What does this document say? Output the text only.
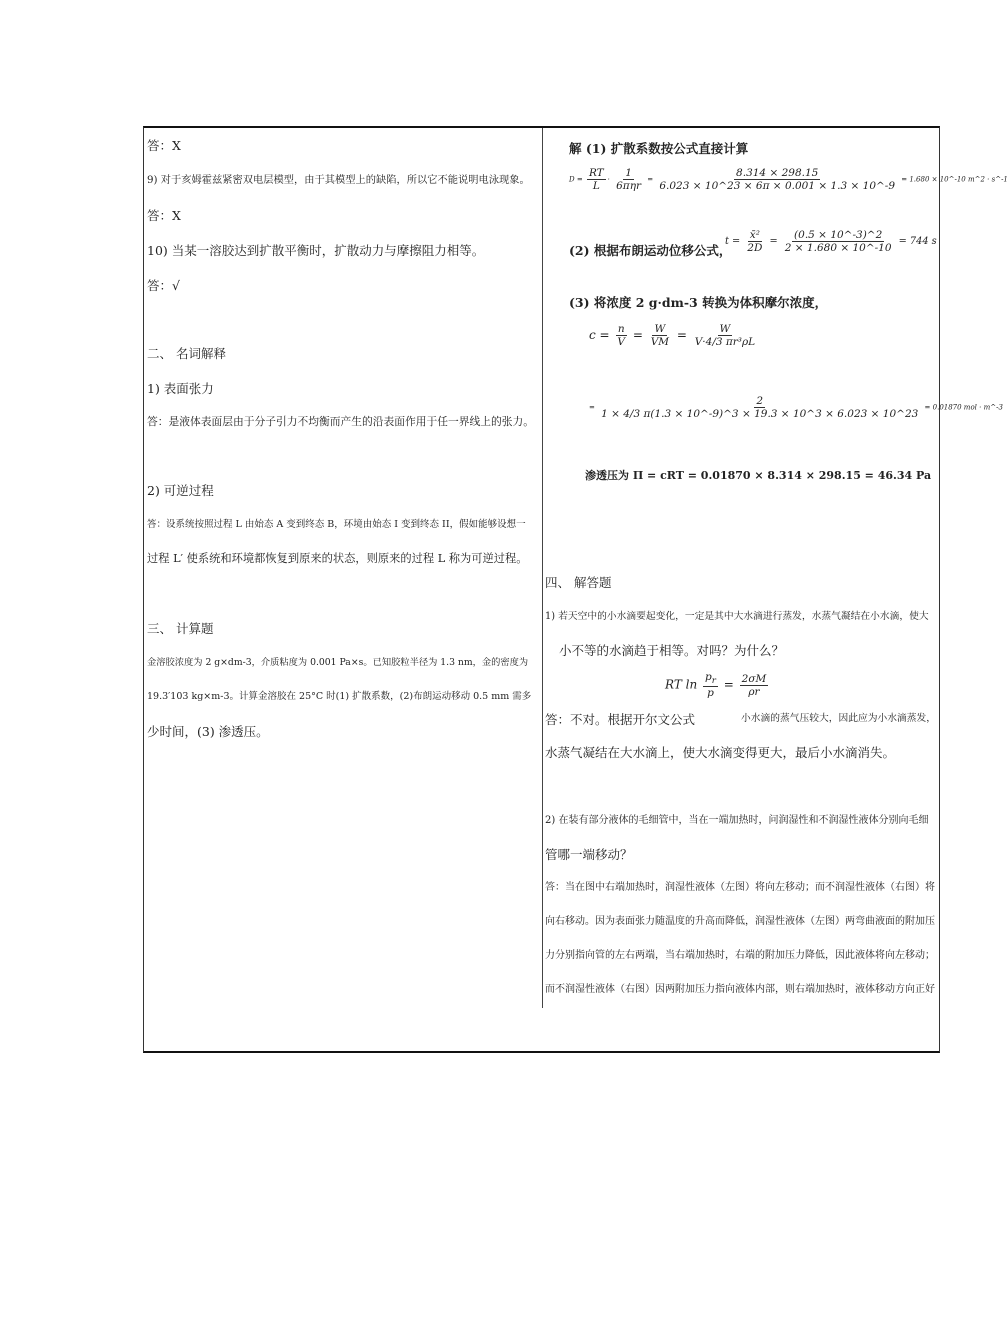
答：X
9) 对于亥姆霍兹紧密双电层模型，由于其模型上的缺陷，所以它不能说明电泳现象。
答：X
10) 当某一溶胶达到扩散平衡时，扩散动力与摩擦阻力相等。
答：√
二、 名词解释
1) 表面张力
答：是液体表面层由于分子引力不均衡而产生的沿表面作用于任一界线上的张力。
2) 可逆过程
答：设系统按照过程 L 由始态 A 变到终态 B，环境由始态 I 变到终态 II，假如能够设想一
过程 L′ 使系统和环境都恢复到原来的状态，则原来的过程 L 称为可逆过程。
三、 计算题
金溶胶浓度为 2 g×dm-3，介质粘度为 0.001 Pa×s。已知胶粒半径为 1.3 nm，金的密度为
19.3′103 kg×m-3。计算金溶胶在 25°C 时(1) 扩散系数，(2)布朗运动移动 0.5 mm 需多
少时间，(3) 渗透压。
解 (1) 扩散系数按公式直接计算
$D = \frac{RT}{L} \cdot \frac{1}{\text{6πηr}} = \frac{8.314 \times 298.15}{6.023 \times 10\^{}23 \times 6\pi \times 0.001 \times 1.3 \times 10\^{}-9} = 1.680$ × 10^-10 m^2 · s^-1
(2) 根据布朗运动位移公式，
$t = \frac{\text{x̄²}}{2D} = \frac{(0.5 \times 10\^{}-3)\^{}2}{2 \times 1.680 \times 10\^{}-10} = 744$ s
(3) 将浓度 2 g·dm-3 转换为体积摩尔浓度，
$c = \frac{n}{V} = \frac{W}{VM} = \frac{W}{\text{V·4/3 πr³ρL}}$
= $\frac{2}{1 \times 4/3 \pi(1.3 \times 10\^{}-9)\^{}3 \times 19.3 \times 10\^{}3 \times 6.023 \times 10\^{}23} = 0.01870$ mol · m^-3
渗透压为 Π = cRT = 0.01870 × 8.314 × 298.15 = 46.34 Pa
四、 解答题
1) 若天空中的小水滴要起变化，一定是其中大水滴进行蒸发，水蒸气凝结在小水滴，使大
小不等的水滴趋于相等。对吗？为什么？
RT $\ln \frac{p_r}{p} = \frac{2\sigma M}{\rho r}$
答：不对。根据开尔文公式	小水滴的蒸气压较大，因此应为小水滴蒸发，
水蒸气凝结在大水滴上，使大水滴变得更大，最后小水滴消失。
2) 在装有部分液体的毛细管中，当在一端加热时，问润湿性和不润湿性液体分别向毛细
管哪一端移动？
答：当在图中右端加热时，润湿性液体（左图）将向左移动；而不润湿性液体（右图）将
向右移动。因为表面张力随温度的升高而降低，润湿性液体（左图）两弯曲液面的附加压
力分别指向管的左右两端，当右端加热时，右端的附加压力降低，因此液体将向左移动；
而不润湿性液体（右图）因两附加压力指向液体内部，则右端加热时，液体移动方向正好
